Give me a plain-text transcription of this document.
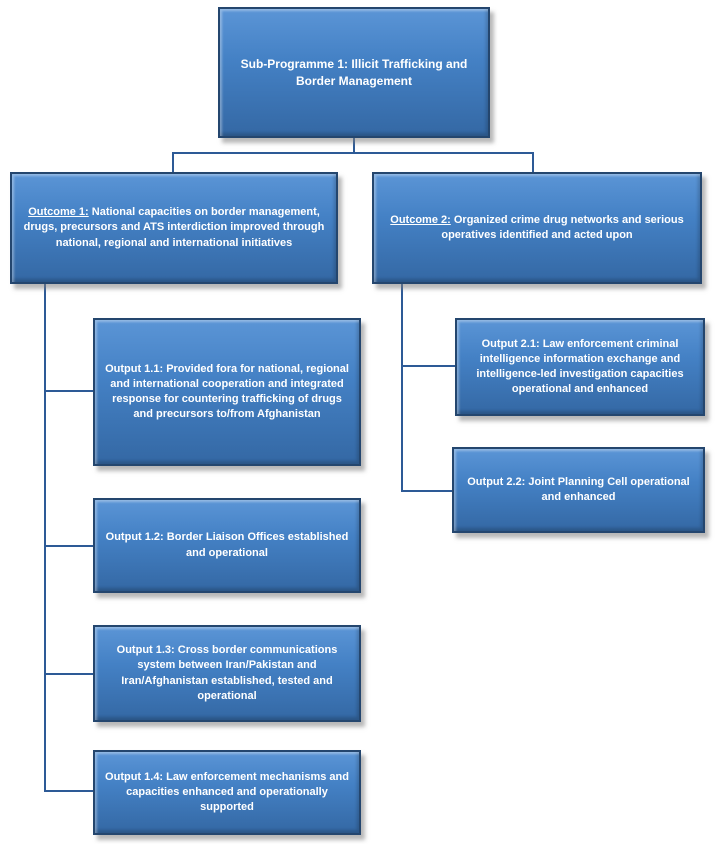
Sub-Programme 1: Illicit Trafficking and Border Management
Outcome 1: National capacities on border management, drugs, precursors and ATS interdiction improved through national, regional and international initiatives
Outcome 2: Organized crime drug networks and serious operatives identified and acted upon
Output 1.1: Provided fora for national, regional and international cooperation and integrated response for countering trafficking of drugs and precursors to/from Afghanistan
Output 1.2: Border Liaison Offices established and operational
Output 1.3: Cross border communications system between Iran/Pakistan and Iran/Afghanistan established, tested and operational
Output 1.4: Law enforcement mechanisms and capacities enhanced and operationally supported
Output 2.1: Law enforcement criminal intelligence information exchange and intelligence-led investigation capacities operational and enhanced
Output 2.2: Joint Planning Cell operational and enhanced
